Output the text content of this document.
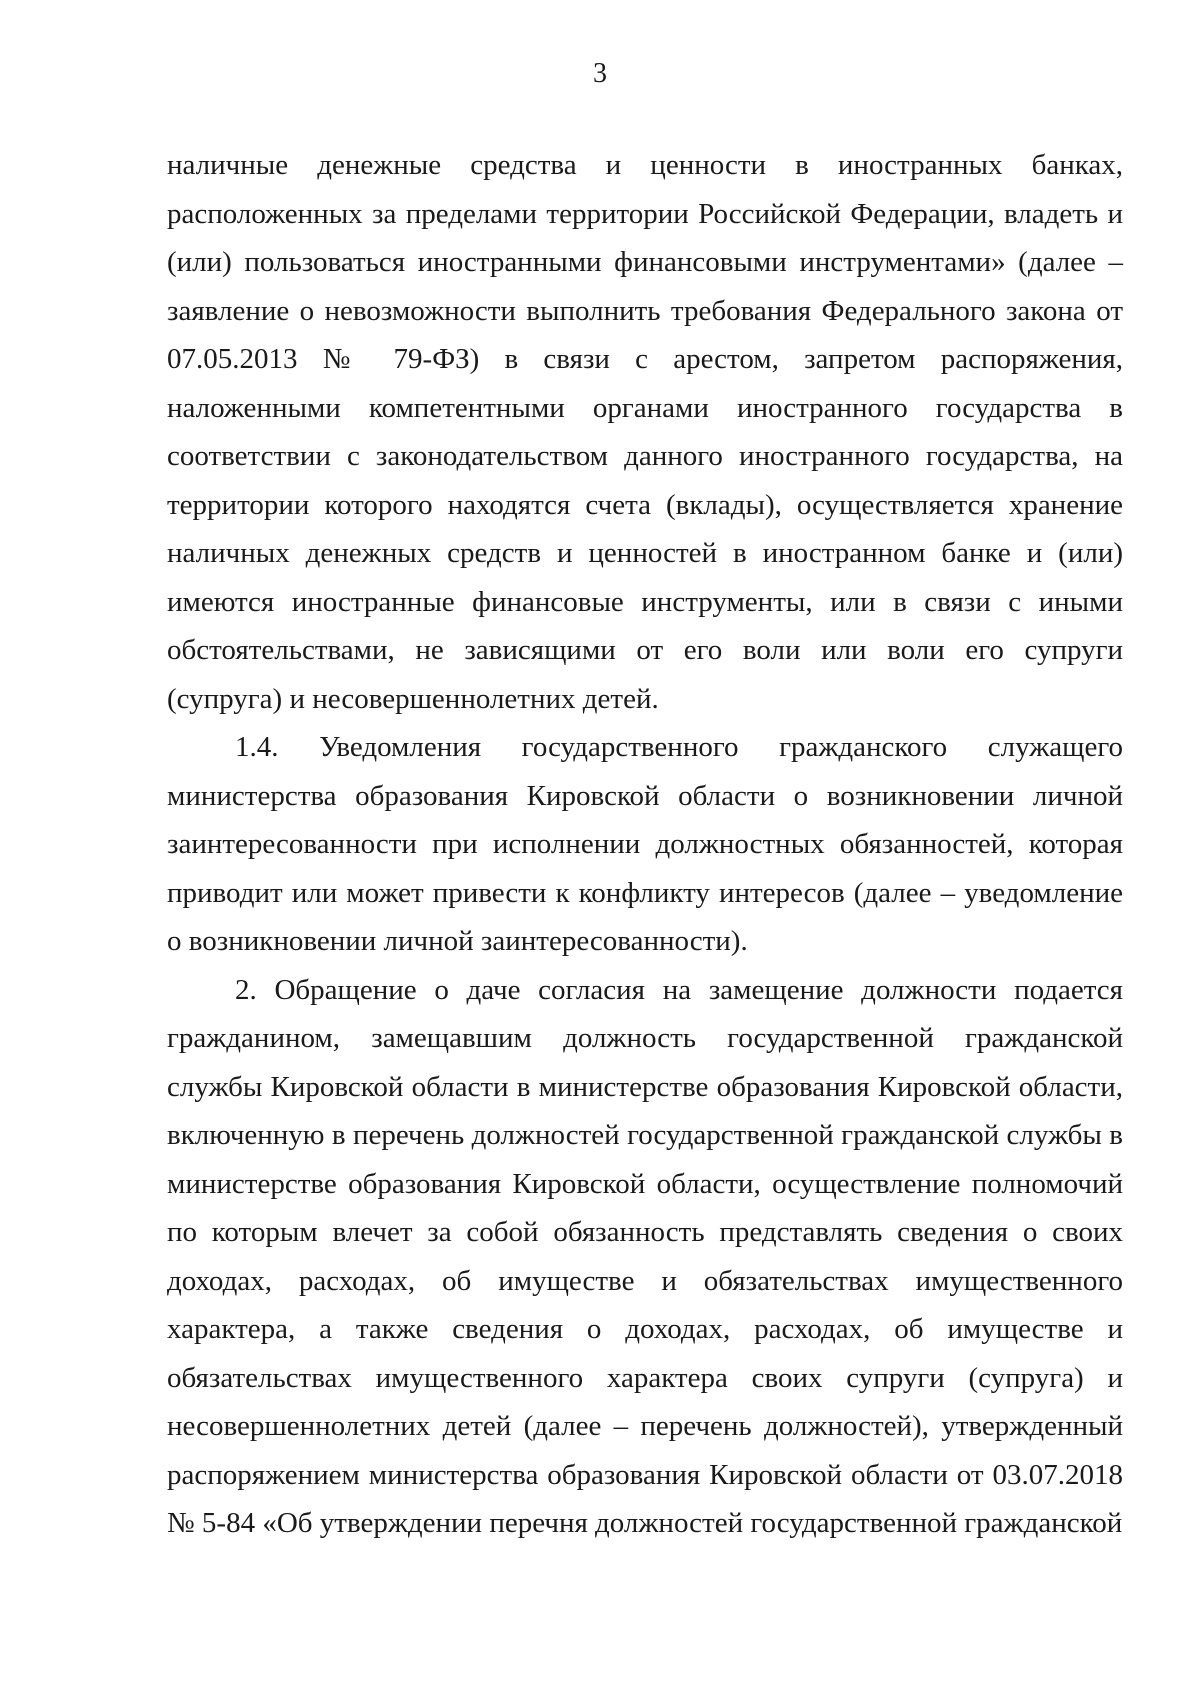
3

наличные денежные средства и ценности в иностранных банках, расположенных за пределами территории Российской Федерации, владеть и (или) пользоваться иностранными финансовыми инструментами» (далее – заявление о невозможности выполнить требования Федерального закона от 07.05.2013 № 79-ФЗ) в связи с арестом, запретом распоряжения, наложенными компетентными органами иностранного государства в соответствии с законодательством данного иностранного государства, на территории которого находятся счета (вклады), осуществляется хранение наличных денежных средств и ценностей в иностранном банке и (или) имеются иностранные финансовые инструменты, или в связи с иными обстоятельствами, не зависящими от его воли или воли его супруги (супруга) и несовершеннолетних детей.

1.4. Уведомления государственного гражданского служащего министерства образования Кировской области о возникновении личной заинтересованности при исполнении должностных обязанностей, которая приводит или может привести к конфликту интересов (далее – уведомление о возникновении личной заинтересованности).

2. Обращение о даче согласия на замещение должности подается гражданином, замещавшим должность государственной гражданской службы Кировской области в министерстве образования Кировской области, включенную в перечень должностей государственной гражданской службы в министерстве образования Кировской области, осуществление полномочий по которым влечет за собой обязанность представлять сведения о своих доходах, расходах, об имуществе и обязательствах имущественного характера, а также сведения о доходах, расходах, об имуществе и обязательствах имущественного характера своих супруги (супруга) и несовершеннолетних детей (далее – перечень должностей), утвержденный распоряжением министерства образования Кировской области от 03.07.2018 № 5-84 «Об утверждении перечня должностей государственной гражданской
